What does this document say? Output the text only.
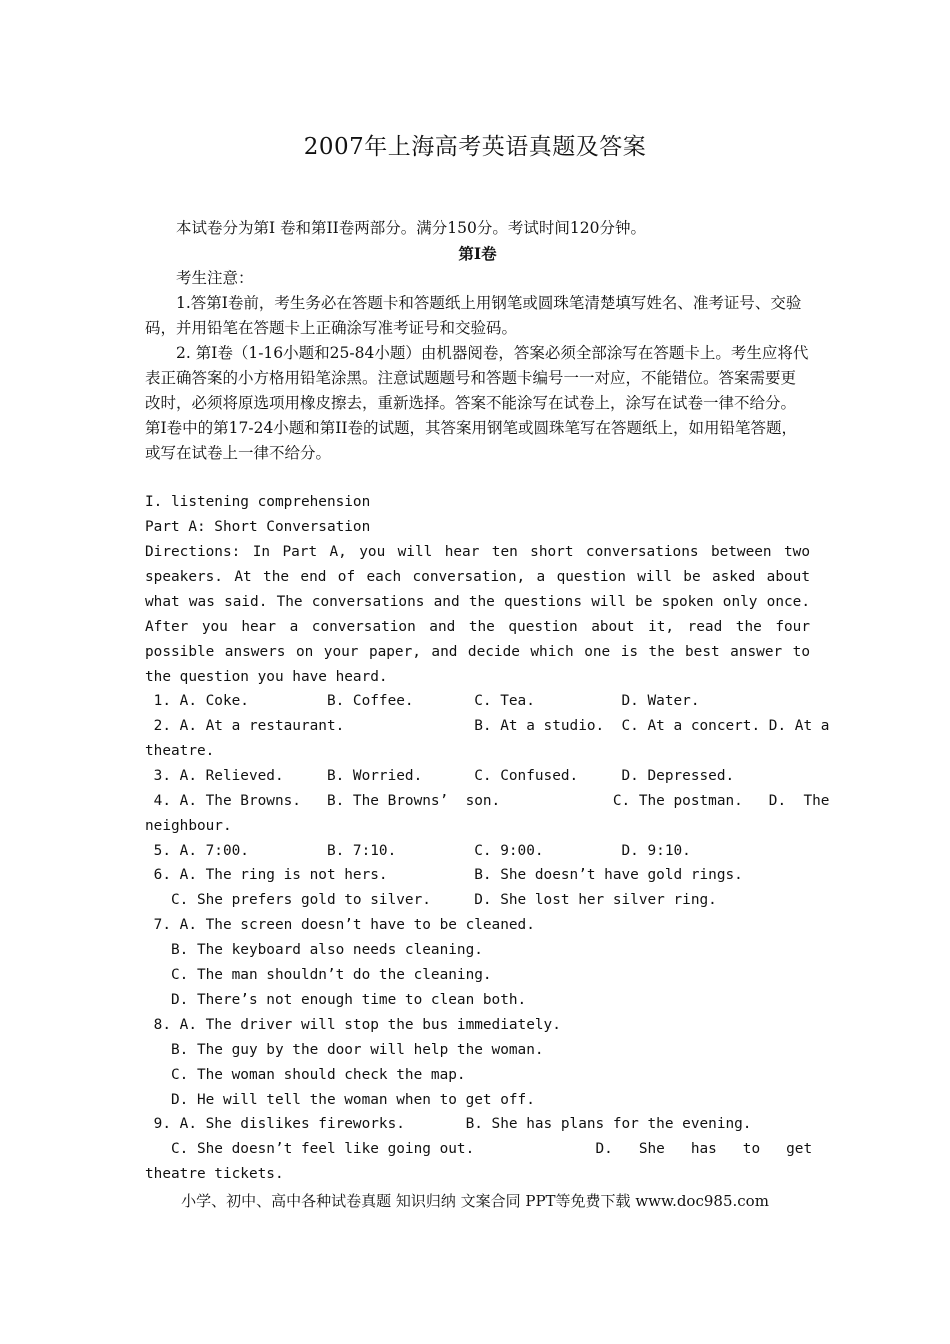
2007年上海高考英语真题及答案
本试卷分为第I 卷和第II卷两部分。满分150分。考试时间120分钟。
第I卷
考生注意：
1.答第I卷前，考生务必在答题卡和答题纸上用钢笔或圆珠笔清楚填写姓名、准考证号、交验码，并用铅笔在答题卡上正确涂写准考证号和交验码。
2. 第I卷（1-16小题和25-84小题）由机器阅卷，答案必须全部涂写在答题卡上。考生应将代表正确答案的小方格用铅笔涂黑。注意试题题号和答题卡编号一一对应，不能错位。答案需要更改时，必须将原选项用橡皮擦去，重新选择。答案不能涂写在试卷上，涂写在试卷一律不给分。第I卷中的第17-24小题和第II卷的试题，其答案用钢笔或圆珠笔写在答题纸上，如用铅笔答题，或写在试卷上一律不给分。
I. listening comprehension
Part A: Short Conversation
Directions: In Part A, you will hear ten short conversations between two speakers. At the end of each conversation, a question will be asked about what was said. The conversations and the questions will be spoken only once. After you hear a conversation and the question about it, read the four possible answers on your paper, and decide which one is the best answer to the question you have heard.
1. A. Coke.         B. Coffee.       C. Tea.          D. Water.
2. A. At a restaurant.               B. At a studio.  C. At a concert. D. At a
theatre.
3. A. Relieved.     B. Worried.      C. Confused.     D. Depressed.
4. A. The Browns.   B. The Browns’  son.             C. The postman.   D.  The
neighbour.
5. A. 7:00.         B. 7:10.         C. 9:00.         D. 9:10.
6. A. The ring is not hers.          B. She doesn’t have gold rings.
C. She prefers gold to silver.     D. She lost her silver ring.
7. A. The screen doesn’t have to be cleaned.
B. The keyboard also needs cleaning.
C. The man shouldn’t do the cleaning.
D. There’s not enough time to clean both.
8. A. The driver will stop the bus immediately.
B. The guy by the door will help the woman.
C. The woman should check the map.
D. He will tell the woman when to get off.
9. A. She dislikes fireworks.       B. She has plans for the evening.
C. She doesn’t feel like going out.              D.   She   has   to   get
theatre tickets.
小学、初中、高中各种试卷真题 知识归纳 文案合同 PPT等免费下载 www.doc985.com
